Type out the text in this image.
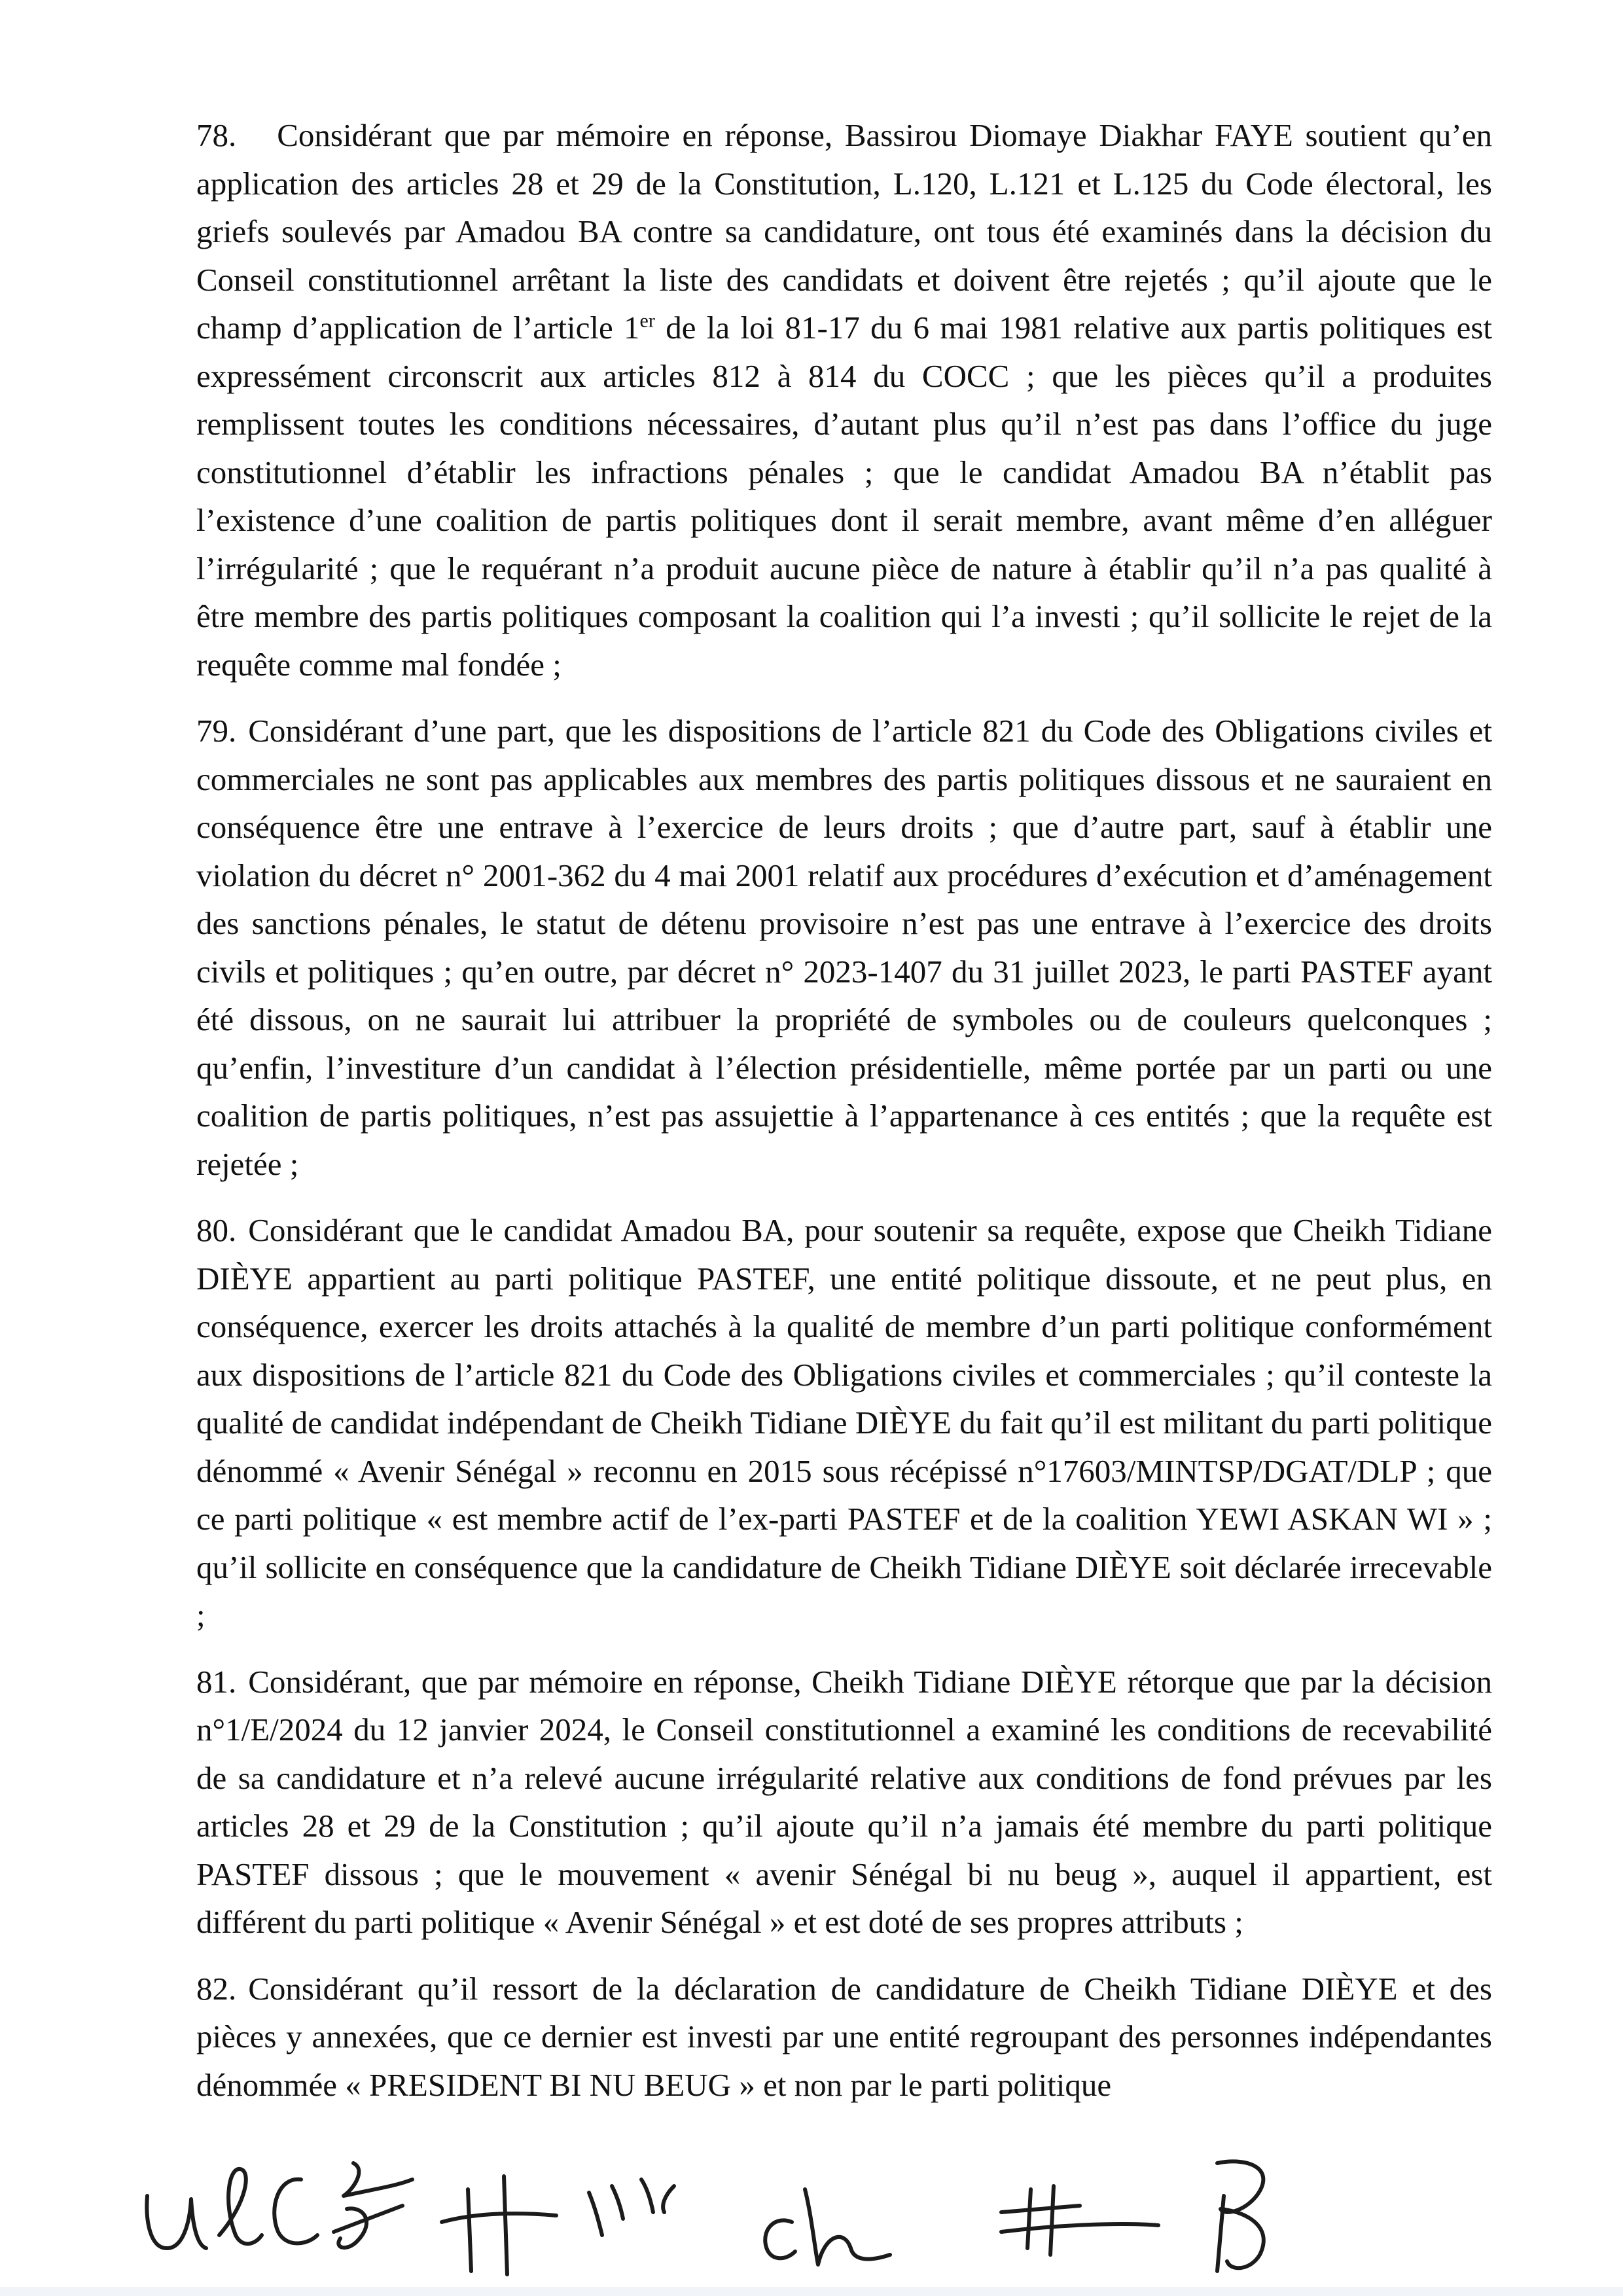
78. Considérant que par mémoire en réponse, Bassirou Diomaye Diakhar FAYE soutient qu’en application des articles 28 et 29 de la Constitution, L.120, L.121 et L.125 du Code électoral, les griefs soulevés par Amadou BA contre sa candidature, ont tous été examinés dans la décision du Conseil constitutionnel arrêtant la liste des candidats et doivent être rejetés ; qu’il ajoute que le champ d’application de l’article 1er de la loi 81-17 du 6 mai 1981 relative aux partis politiques est expressément circonscrit aux articles 812 à 814 du COCC ; que les pièces qu’il a produites remplissent toutes les conditions nécessaires, d’autant plus qu’il n’est pas dans l’office du juge constitutionnel d’établir les infractions pénales ; que le candidat Amadou BA n’établit pas l’existence d’une coalition de partis politiques dont il serait membre, avant même d’en alléguer l’irrégularité ; que le requérant n’a produit aucune pièce de nature à établir qu’il n’a pas qualité à être membre des partis politiques composant la coalition qui l’a investi ; qu’il sollicite le rejet de la requête comme mal fondée ;

79. Considérant d’une part, que les dispositions de l’article 821 du Code des Obligations civiles et commerciales ne sont pas applicables aux membres des partis politiques dissous et ne sauraient en conséquence être une entrave à l’exercice de leurs droits ; que d’autre part, sauf à établir une violation du décret n° 2001-362 du 4 mai 2001 relatif aux procédures d’exécution et d’aménagement des sanctions pénales, le statut de détenu provisoire n’est pas une entrave à l’exercice des droits civils et politiques ; qu’en outre, par décret n° 2023-1407 du 31 juillet 2023, le parti PASTEF ayant été dissous, on ne saurait lui attribuer la propriété de symboles ou de couleurs quelconques ; qu’enfin, l’investiture d’un candidat à l’élection présidentielle, même portée par un parti ou une coalition de partis politiques, n’est pas assujettie à l’appartenance à ces entités ; que la requête est rejetée ;

80. Considérant que le candidat Amadou BA, pour soutenir sa requête, expose que Cheikh Tidiane DIÈYE appartient au parti politique PASTEF, une entité politique dissoute, et ne peut plus, en conséquence, exercer les droits attachés à la qualité de membre d’un parti politique conformément aux dispositions de l’article 821 du Code des Obligations civiles et commerciales ; qu’il conteste la qualité de candidat indépendant de Cheikh Tidiane DIÈYE du fait qu’il est militant du parti politique dénommé « Avenir Sénégal » reconnu en 2015 sous récépissé n°17603/MINTSP/DGAT/DLP ; que ce parti politique « est membre actif de l’ex-parti PASTEF et de la coalition YEWI ASKAN WI » ; qu’il sollicite en conséquence que la candidature de Cheikh Tidiane DIÈYE soit déclarée irrecevable ;

81. Considérant, que par mémoire en réponse, Cheikh Tidiane DIÈYE rétorque que par la décision n°1/E/2024 du 12 janvier 2024, le Conseil constitutionnel a examiné les conditions de recevabilité de sa candidature et n’a relevé aucune irrégularité relative aux conditions de fond prévues par les articles 28 et 29 de la Constitution ; qu’il ajoute qu’il n’a jamais été membre du parti politique PASTEF dissous ; que le mouvement « avenir Sénégal bi nu beug », auquel il appartient, est différent du parti politique « Avenir Sénégal » et est doté de ses propres attributs ;

82. Considérant qu’il ressort de la déclaration de candidature de Cheikh Tidiane DIÈYE et des pièces y annexées, que ce dernier est investi par une entité regroupant des personnes indépendantes dénommée « PRESIDENT BI NU BEUG » et non par le parti politique
